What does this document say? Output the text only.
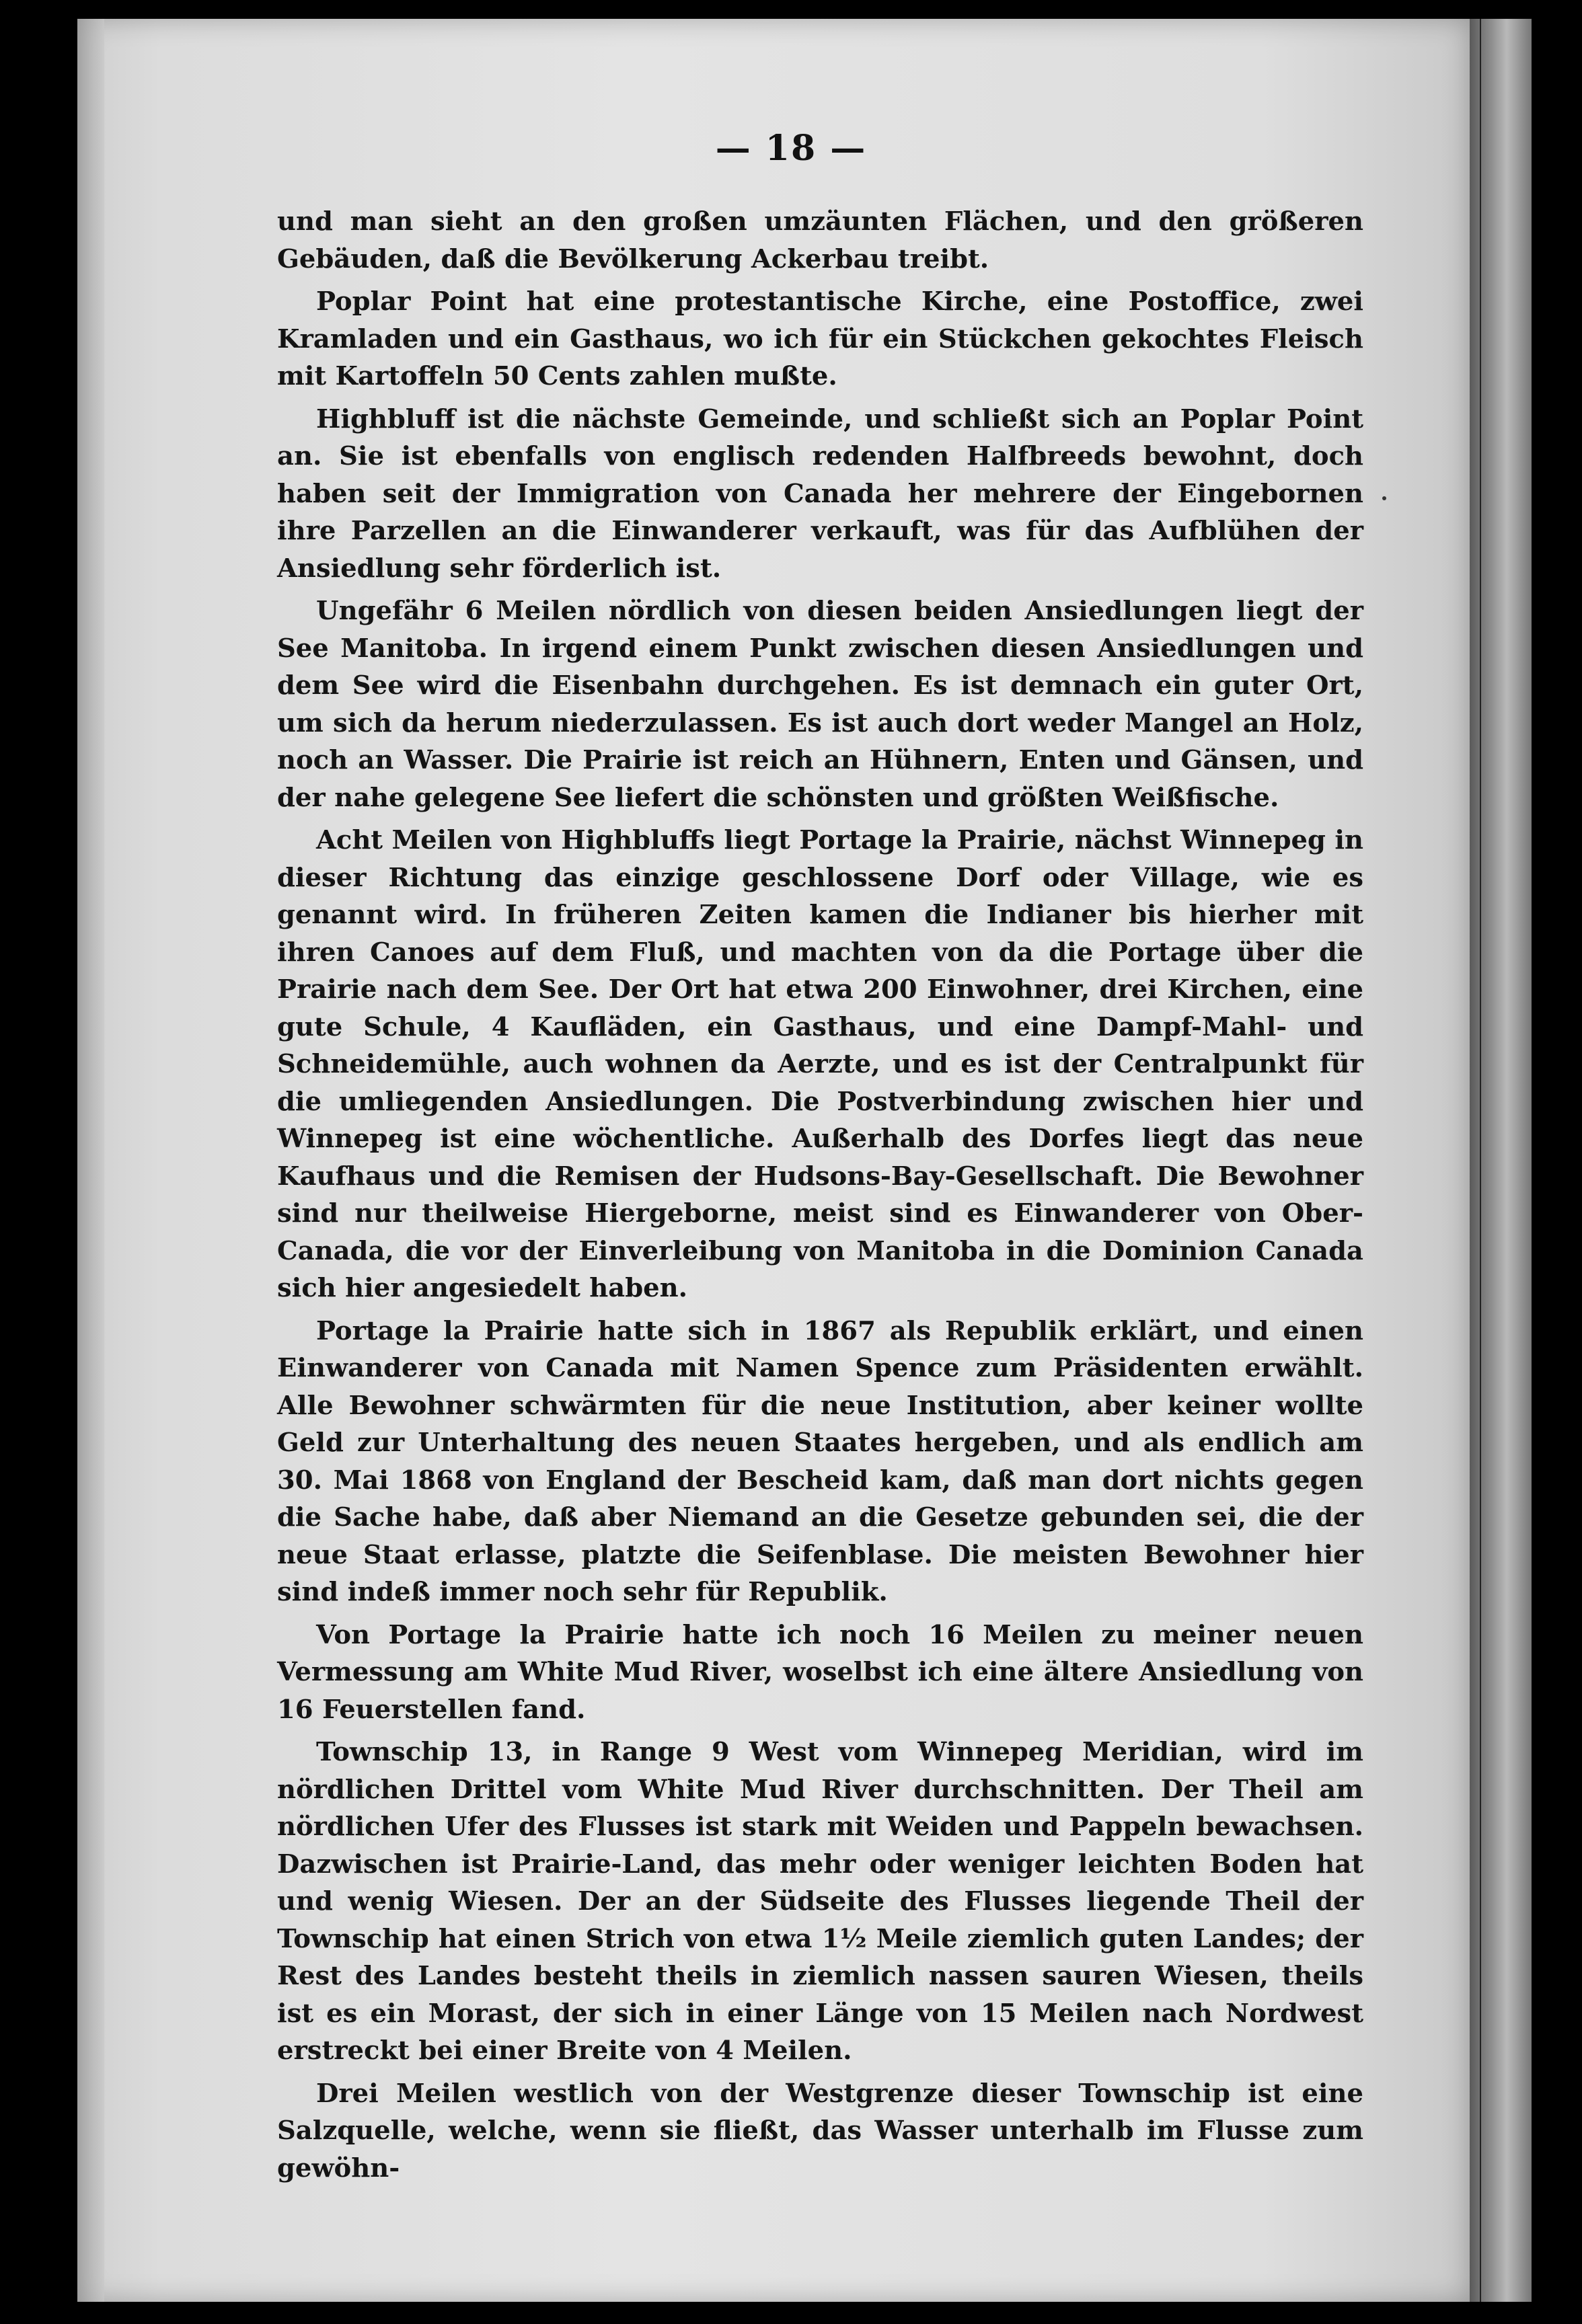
— 18 —

und man sieht an den großen umzäunten Flächen, und den größeren Gebäuden, daß die Bevölkerung Ackerbau treibt.

Poplar Point hat eine protestantische Kirche, eine Postoffice, zwei Kramladen und ein Gasthaus, wo ich für ein Stückchen gekochtes Fleisch mit Kartoffeln 50 Cents zahlen mußte.

Highbluff ist die nächste Gemeinde, und schließt sich an Poplar Point an. Sie ist ebenfalls von englisch redenden Halfbreeds bewohnt, doch haben seit der Immigration von Canada her mehrere der Eingebornen ihre Parzellen an die Einwanderer verkauft, was für das Aufblühen der Ansiedlung sehr förderlich ist.

Ungefähr 6 Meilen nördlich von diesen beiden Ansiedlungen liegt der See Manitoba. In irgend einem Punkt zwischen diesen Ansiedlungen und dem See wird die Eisenbahn durchgehen. Es ist demnach ein guter Ort, um sich da herum niederzulassen. Es ist auch dort weder Mangel an Holz, noch an Wasser. Die Prairie ist reich an Hühnern, Enten und Gänsen, und der nahe gelegene See liefert die schönsten und größten Weißfische.

Acht Meilen von Highbluffs liegt Portage la Prairie, nächst Winnepeg in dieser Richtung das einzige geschlossene Dorf oder Village, wie es genannt wird. In früheren Zeiten kamen die Indianer bis hierher mit ihren Canoes auf dem Fluß, und machten von da die Portage über die Prairie nach dem See. Der Ort hat etwa 200 Einwohner, drei Kirchen, eine gute Schule, 4 Kaufläden, ein Gasthaus, und eine Dampf-Mahl- und Schneidemühle, auch wohnen da Aerzte, und es ist der Centralpunkt für die umliegenden Ansiedlungen. Die Postverbindung zwischen hier und Winnepeg ist eine wöchentliche. Außerhalb des Dorfes liegt das neue Kaufhaus und die Remisen der Hudsons-Bay-Gesellschaft. Die Bewohner sind nur theilweise Hiergeborne, meist sind es Einwanderer von Ober-Canada, die vor der Einverleibung von Manitoba in die Dominion Canada sich hier angesiedelt haben.

Portage la Prairie hatte sich in 1867 als Republik erklärt, und einen Einwanderer von Canada mit Namen Spence zum Präsidenten erwählt. Alle Bewohner schwärmten für die neue Institution, aber keiner wollte Geld zur Unterhaltung des neuen Staates hergeben, und als endlich am 30. Mai 1868 von England der Bescheid kam, daß man dort nichts gegen die Sache habe, daß aber Niemand an die Gesetze gebunden sei, die der neue Staat erlasse, platzte die Seifenblase. Die meisten Bewohner hier sind indeß immer noch sehr für Republik.

Von Portage la Prairie hatte ich noch 16 Meilen zu meiner neuen Vermessung am White Mud River, woselbst ich eine ältere Ansiedlung von 16 Feuerstellen fand.

Townschip 13, in Range 9 West vom Winnepeg Meridian, wird im nördlichen Drittel vom White Mud River durchschnitten. Der Theil am nördlichen Ufer des Flusses ist stark mit Weiden und Pappeln bewachsen. Dazwischen ist Prairie-Land, das mehr oder weniger leichten Boden hat und wenig Wiesen. Der an der Südseite des Flusses liegende Theil der Townschip hat einen Strich von etwa 1½ Meile ziemlich guten Landes; der Rest des Landes besteht theils in ziemlich nassen sauren Wiesen, theils ist es ein Morast, der sich in einer Länge von 15 Meilen nach Nordwest erstreckt bei einer Breite von 4 Meilen.

Drei Meilen westlich von der Westgrenze dieser Townschip ist eine Salzquelle, welche, wenn sie fließt, das Wasser unterhalb im Flusse zum gewöhn-
